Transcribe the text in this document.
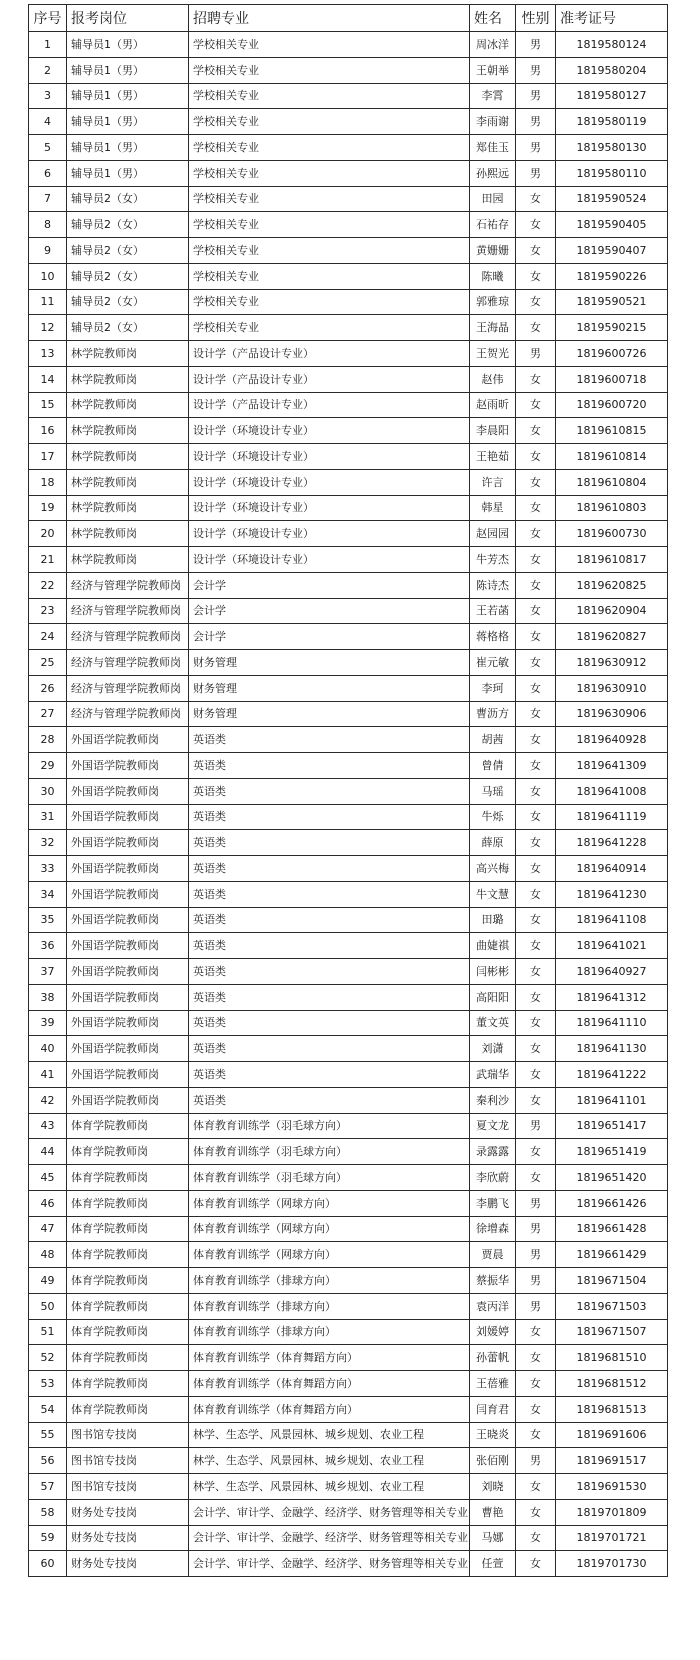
序号	报考岗位	招聘专业	姓名	性别	准考证号
1	辅导员1（男）	学校相关专业	周冰洋	男	1819580124
2	辅导员1（男）	学校相关专业	王朝举	男	1819580204
3	辅导员1（男）	学校相关专业	李霄	男	1819580127
4	辅导员1（男）	学校相关专业	李雨谢	男	1819580119
5	辅导员1（男）	学校相关专业	郑佳玉	男	1819580130
6	辅导员1（男）	学校相关专业	孙熙远	男	1819580110
7	辅导员2（女）	学校相关专业	田园	女	1819590524
8	辅导员2（女）	学校相关专业	石祐存	女	1819590405
9	辅导员2（女）	学校相关专业	黄姗姗	女	1819590407
10	辅导员2（女）	学校相关专业	陈曦	女	1819590226
11	辅导员2（女）	学校相关专业	郭雅琼	女	1819590521
12	辅导员2（女）	学校相关专业	王海晶	女	1819590215
13	林学院教师岗	设计学（产品设计专业）	王贺光	男	1819600726
14	林学院教师岗	设计学（产品设计专业）	赵伟	女	1819600718
15	林学院教师岗	设计学（产品设计专业）	赵雨昕	女	1819600720
16	林学院教师岗	设计学（环境设计专业）	李晨阳	女	1819610815
17	林学院教师岗	设计学（环境设计专业）	王艳茹	女	1819610814
18	林学院教师岗	设计学（环境设计专业）	许言	女	1819610804
19	林学院教师岗	设计学（环境设计专业）	韩星	女	1819610803
20	林学院教师岗	设计学（环境设计专业）	赵园园	女	1819600730
21	林学院教师岗	设计学（环境设计专业）	牛芳杰	女	1819610817
22	经济与管理学院教师岗	会计学	陈诗杰	女	1819620825
23	经济与管理学院教师岗	会计学	王若菡	女	1819620904
24	经济与管理学院教师岗	会计学	蒋格格	女	1819620827
25	经济与管理学院教师岗	财务管理	崔元敏	女	1819630912
26	经济与管理学院教师岗	财务管理	李珂	女	1819630910
27	经济与管理学院教师岗	财务管理	曹沥方	女	1819630906
28	外国语学院教师岗	英语类	胡茜	女	1819640928
29	外国语学院教师岗	英语类	曾倩	女	1819641309
30	外国语学院教师岗	英语类	马瑶	女	1819641008
31	外国语学院教师岗	英语类	牛烁	女	1819641119
32	外国语学院教师岗	英语类	薛原	女	1819641228
33	外国语学院教师岗	英语类	高兴梅	女	1819640914
34	外国语学院教师岗	英语类	牛文慧	女	1819641230
35	外国语学院教师岗	英语类	田璐	女	1819641108
36	外国语学院教师岗	英语类	曲婕祺	女	1819641021
37	外国语学院教师岗	英语类	闫彬彬	女	1819640927
38	外国语学院教师岗	英语类	高阳阳	女	1819641312
39	外国语学院教师岗	英语类	董文英	女	1819641110
40	外国语学院教师岗	英语类	刘潇	女	1819641130
41	外国语学院教师岗	英语类	武瑞华	女	1819641222
42	外国语学院教师岗	英语类	秦利沙	女	1819641101
43	体育学院教师岗	体育教育训练学（羽毛球方向）	夏文龙	男	1819651417
44	体育学院教师岗	体育教育训练学（羽毛球方向）	录露露	女	1819651419
45	体育学院教师岗	体育教育训练学（羽毛球方向）	李欣蔚	女	1819651420
46	体育学院教师岗	体育教育训练学（网球方向）	李鹏飞	男	1819661426
47	体育学院教师岗	体育教育训练学（网球方向）	徐增森	男	1819661428
48	体育学院教师岗	体育教育训练学（网球方向）	贾晨	男	1819661429
49	体育学院教师岗	体育教育训练学（排球方向）	蔡振华	男	1819671504
50	体育学院教师岗	体育教育训练学（排球方向）	袁丙洋	男	1819671503
51	体育学院教师岗	体育教育训练学（排球方向）	刘媛婷	女	1819671507
52	体育学院教师岗	体育教育训练学（体育舞蹈方向）	孙蕾帆	女	1819681510
53	体育学院教师岗	体育教育训练学（体育舞蹈方向）	王蓓雅	女	1819681512
54	体育学院教师岗	体育教育训练学（体育舞蹈方向）	闫育君	女	1819681513
55	图书馆专技岗	林学、生态学、风景园林、城乡规划、农业工程	王晓炎	女	1819691606
56	图书馆专技岗	林学、生态学、风景园林、城乡规划、农业工程	张佰刚	男	1819691517
57	图书馆专技岗	林学、生态学、风景园林、城乡规划、农业工程	刘晓	女	1819691530
58	财务处专技岗	会计学、审计学、金融学、经济学、财务管理等相关专业	曹艳	女	1819701809
59	财务处专技岗	会计学、审计学、金融学、经济学、财务管理等相关专业	马娜	女	1819701721
60	财务处专技岗	会计学、审计学、金融学、经济学、财务管理等相关专业	任萱	女	1819701730
